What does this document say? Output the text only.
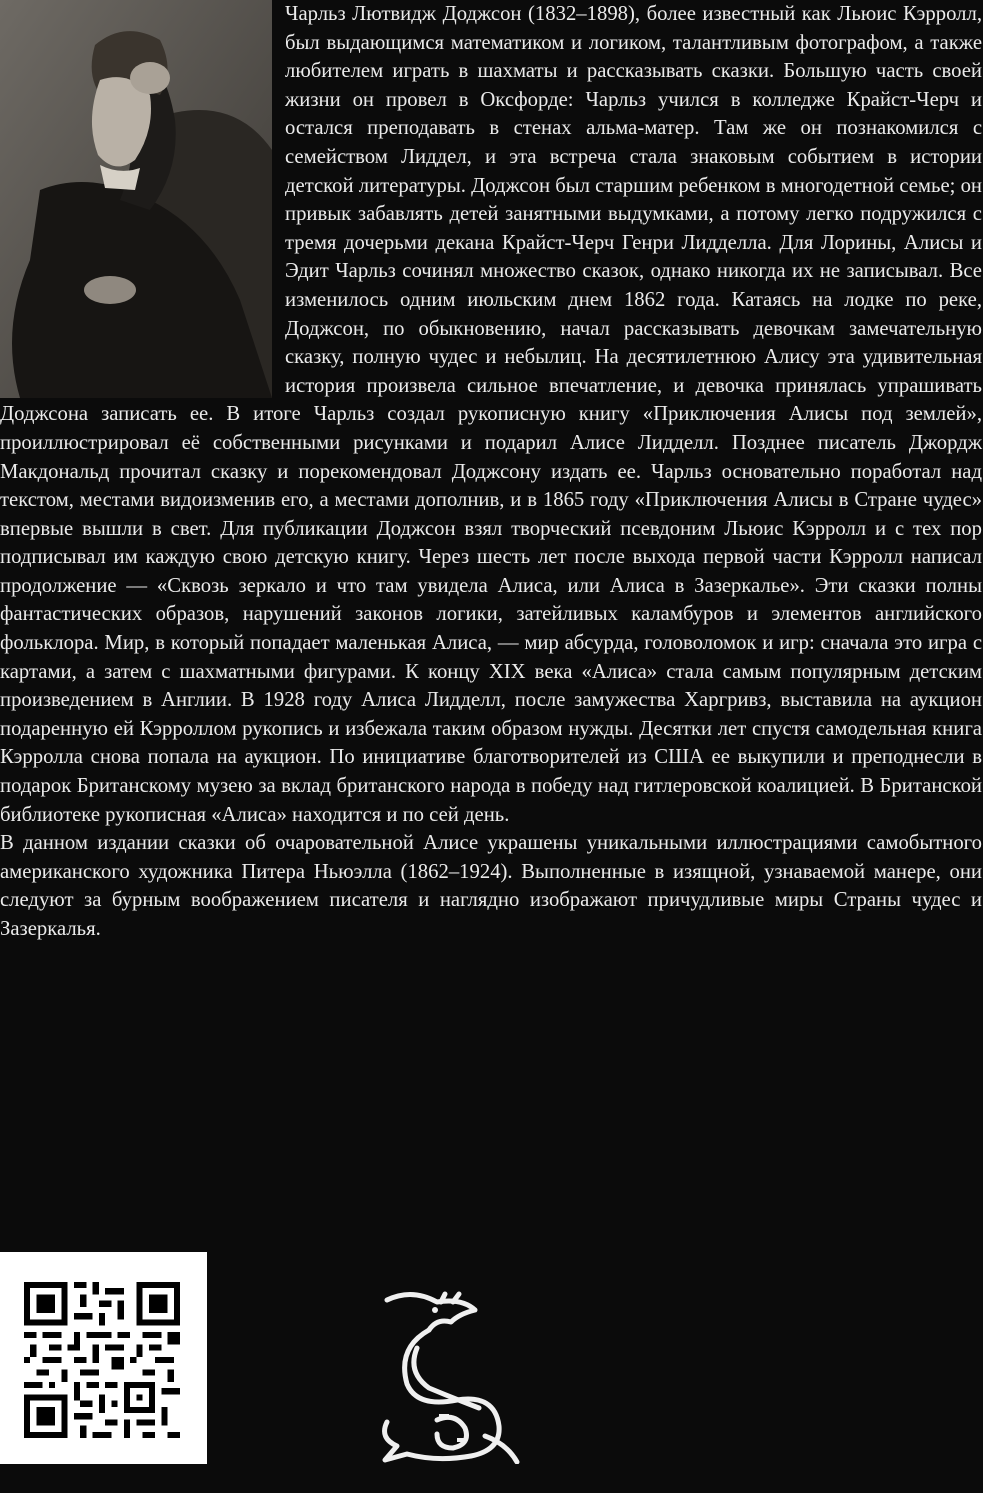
Чарльз Лютвидж Доджсон (1832–1898), более известный как Льюис Кэрролл, был выдающимся математиком и логиком, талантливым фотографом, а также любителем играть в шахматы и рассказывать сказки. Большую часть своей жизни он провел в Оксфорде: Чарльз учился в колледже Крайст-Черч и остался преподавать в стенах альма-матер. Там же он познакомился с семейством Лиддел, и эта встреча стала знаковым событием в истории детской литературы. Доджсон был старшим ребенком в многодетной семье; он привык забавлять детей занятными выдумками, а потому легко подружился с тремя дочерьми декана Крайст-Черч Генри Лидделла. Для Лорины, Алисы и Эдит Чарльз сочинял множество сказок, однако никогда их не записывал. Все изменилось одним июльским днем 1862 года. Катаясь на лодке по реке, Доджсон, по обыкновению, начал рассказывать девочкам замечательную сказку, полную чудес и небылиц. На десятилетнюю Алису эта удивительная история произвела сильное впечатление, и девочка принялась упрашивать Доджсона записать ее. В итоге Чарльз создал рукописную книгу «Приключения Алисы под землей», проиллюстрировал её собственными рисунками и подарил Алисе Лидделл. Позднее писатель Джордж Макдональд прочитал сказку и порекомендовал Доджсону издать ее. Чарльз основательно поработал над текстом, местами видоизменив его, а местами дополнив, и в 1865 году «Приключения Алисы в Стране чудес» впервые вышли в свет. Для публикации Доджсон взял творческий псевдоним Льюис Кэрролл и с тех пор подписывал им каждую свою детскую книгу. Через шесть лет после выхода первой части Кэрролл написал продолжение — «Сквозь зеркало и что там увидела Алиса, или Алиса в Зазеркалье». Эти сказки полны фантастических образов, нарушений законов логики, затейливых каламбуров и элементов английского фольклора. Мир, в который попадает маленькая Алиса, — мир абсурда, головоломок и игр: сначала это игра с картами, а затем с шахматными фигурами. К концу XIX века «Алиса» стала самым популярным детским произведением в Англии. В 1928 году Алиса Лидделл, после замужества Харгривз, выставила на аукцион подаренную ей Кэрроллом рукопись и избежала таким образом нужды. Десятки лет спустя самодельная книга Кэрролла снова попала на аукцион. По инициативе благотворителей из США ее выкупили и преподнесли в подарок Британскому музею за вклад британского народа в победу над гитлеровской коалицией. В Британской библиотеке рукописная «Алиса» находится и по сей день.

В данном издании сказки об очаровательной Алисе украшены уникальными иллюстрациями самобытного американского художника Питера Ньюэлла (1862–1924). Выполненные в изящной, узнаваемой манере, они следуют за бурным воображением писателя и наглядно изображают причудливые миры Страны чудес и Зазеркалья.
